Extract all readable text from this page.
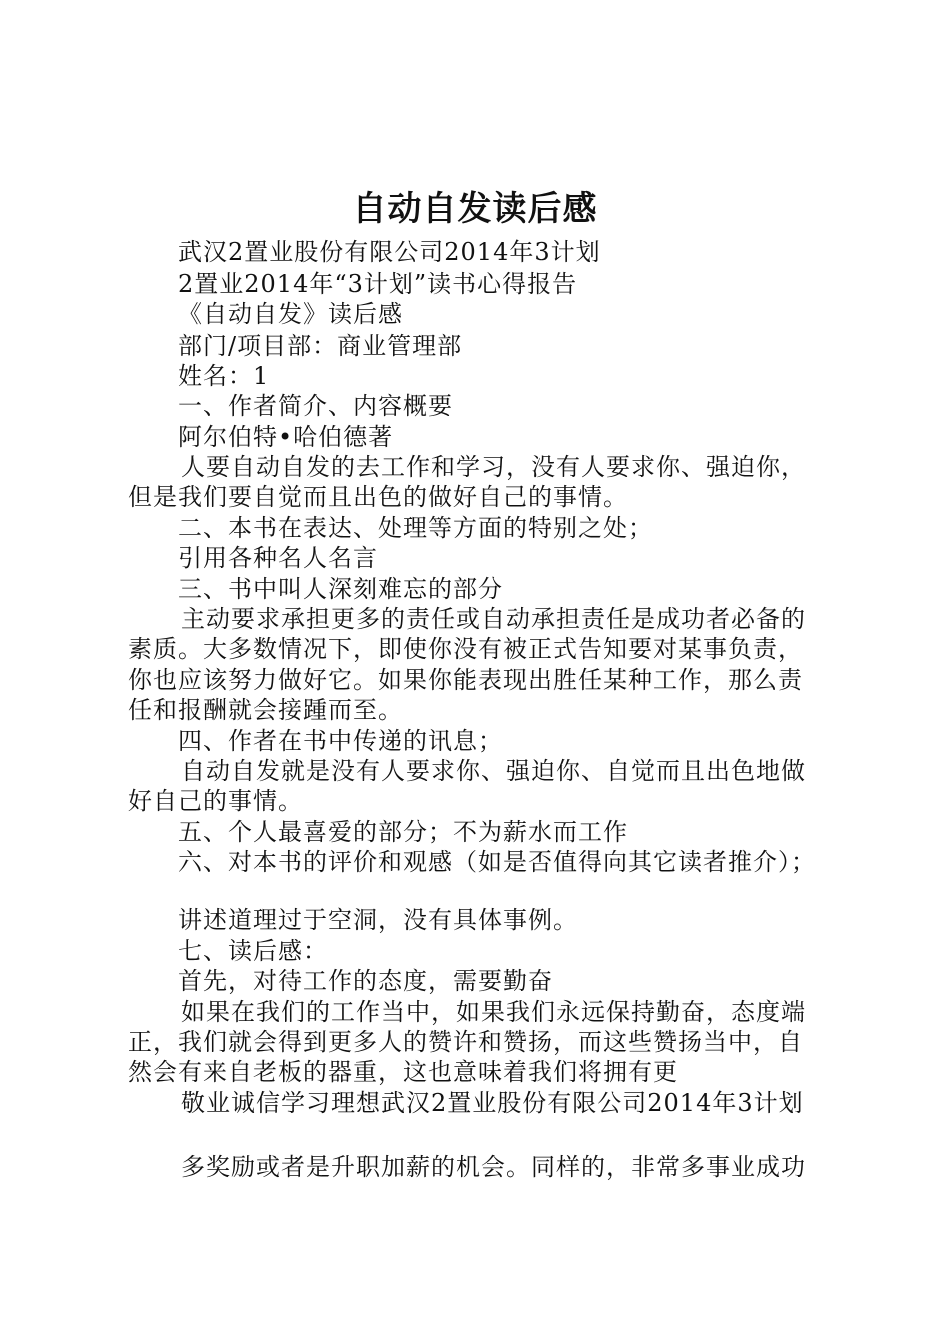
自动自发读后感
武汉2置业股份有限公司2014年3计划
2置业2014年“3计划”读书心得报告
《自动自发》读后感
部门/项目部：商业管理部
姓名：1
一、作者简介、内容概要
阿尔伯特•哈伯德著
人要自动自发的去工作和学习，没有人要求你、强迫你，
但是我们要自觉而且出色的做好自己的事情。
二、本书在表达、处理等方面的特别之处；
引用各种名人名言
三、书中叫人深刻难忘的部分
主动要求承担更多的责任或自动承担责任是成功者必备的
素质。大多数情况下，即使你没有被正式告知要对某事负责，
你也应该努力做好它。如果你能表现出胜任某种工作，那么责
任和报酬就会接踵而至。
四、作者在书中传递的讯息；
自动自发就是没有人要求你、强迫你、自觉而且出色地做
好自己的事情。
五、个人最喜爱的部分；不为薪水而工作
六、对本书的评价和观感（如是否值得向其它读者推介）；
讲述道理过于空洞，没有具体事例。
七、读后感：
首先，对待工作的态度，需要勤奋
如果在我们的工作当中，如果我们永远保持勤奋，态度端
正，我们就会得到更多人的赞许和赞扬，而这些赞扬当中，自
然会有来自老板的器重，这也意味着我们将拥有更
敬业诚信学习理想武汉2置业股份有限公司2014年3计划
多奖励或者是升职加薪的机会。同样的，非常多事业成功
